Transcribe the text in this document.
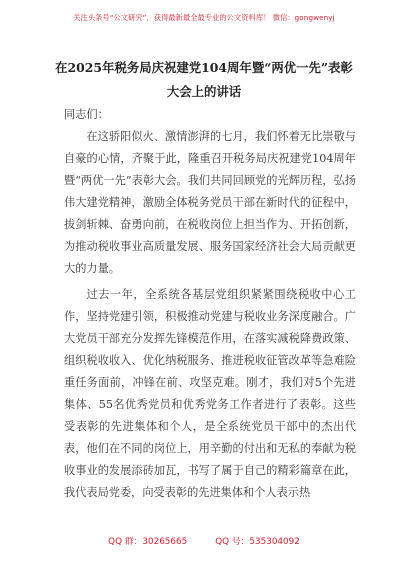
关注头条号“公文研究”，获得最新最全最专业的公文资料库！ 微信：gongwenyj
在2025年税务局庆祝建党104周年暨“两优一先”表彰大会上的讲话
同志们：

在这骄阳似火、激情澎湃的七月，我们怀着无比崇敬与自豪的心情，齐聚于此，隆重召开税务局庆祝建党104周年暨“两优一先”表彰大会。我们共同回顾党的光辉历程，弘扬伟大建党精神，激励全体税务党员干部在新时代的征程中，拔剑斩棘、奋勇向前，在税收岗位上担当作为、开拓创新，为推动税收事业高质量发展、服务国家经济社会大局贡献更大的力量。

过去一年，全系统各基层党组织紧紧围绕税收中心工作，坚持党建引领，积极推动党建与税收业务深度融合。广大党员干部充分发挥先锋模范作用，在落实减税降费政策、组织税收收入、优化纳税服务、推进税收征管改革等急难险重任务面前，冲锋在前、攻坚克难。刚才，我们对5个先进集体、55名优秀党员和优秀党务工作者进行了表彰。这些受表彰的先进集体和个人，是全系统党员干部中的杰出代表，他们在不同的岗位上，用辛勤的付出和无私的奉献为税收事业的发展添砖加瓦，书写了属于自己的精彩篇章在此，我代表局党委，向受表彰的先进集体和个人表示热

QQ 群：30265665	QQ 号：535304092
